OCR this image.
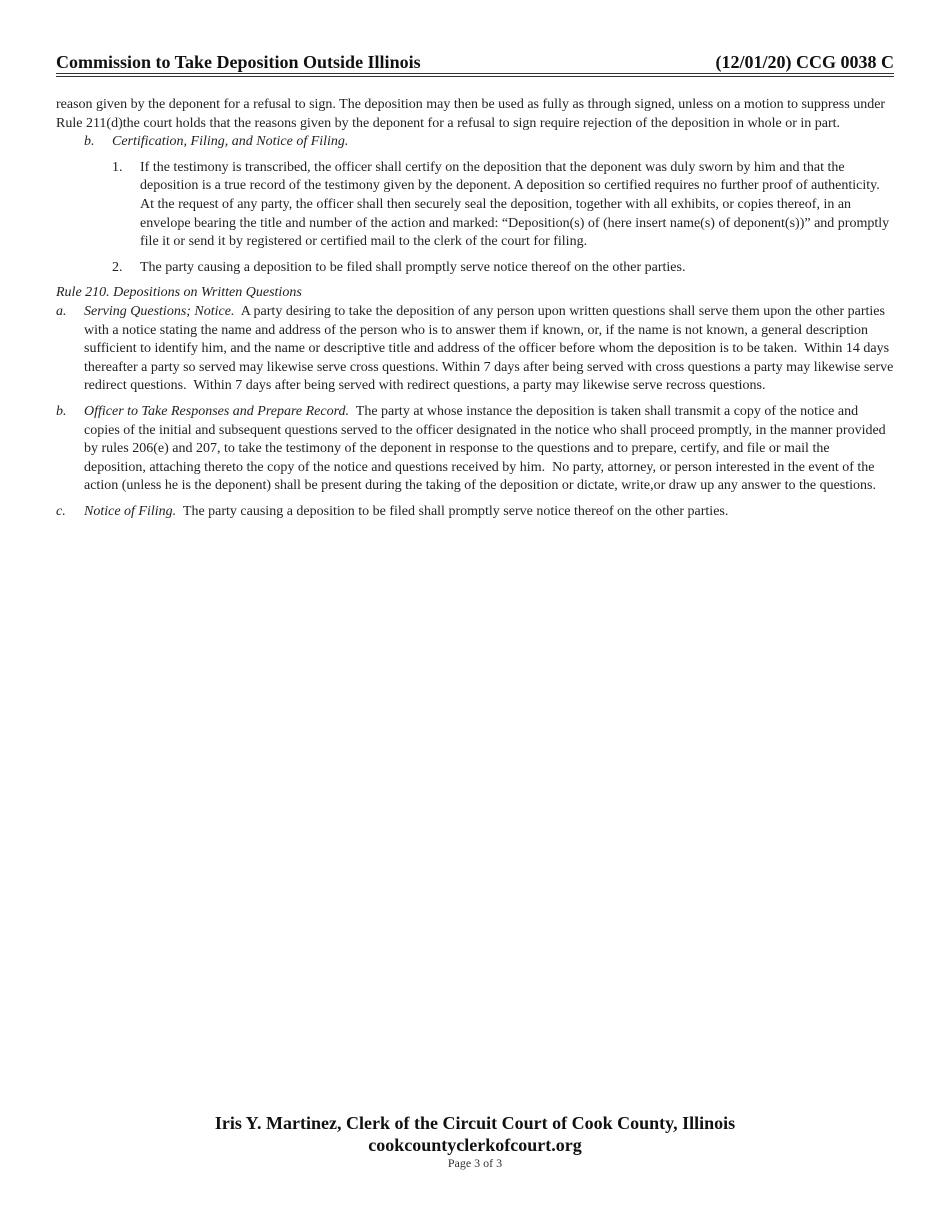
Commission to Take Deposition Outside Illinois	(12/01/20) CCG 0038 C

reason given by the deponent for a refusal to sign. The deposition may then be used as fully as through signed, unless on a motion to suppress under Rule 211(d)the court holds that the reasons given by the deponent for a refusal to sign require rejection of the deposition in whole or in part.

b.	Certification, Filing, and Notice of Filing.
1.	If the testimony is transcribed, the officer shall certify on the deposition that the deponent was duly sworn by him and that the deposition is a true record of the testimony given by the deponent. A deposition so certified requires no further proof of authenticity. At the request of any party, the officer shall then securely seal the deposition, together with all exhibits, or copies thereof, in an envelope bearing the title and number of the action and marked: “Deposition(s) of (here insert name(s) of deponent(s))” and promptly file it or send it by registered or certified mail to the clerk of the court for filing.
2.	The party causing a deposition to be filed shall promptly serve notice thereof on the other parties.

Rule 210. Depositions on Written Questions

a.	Serving Questions; Notice.  A party desiring to take the deposition of any person upon written questions shall serve them upon the other parties with a notice stating the name and address of the person who is to answer them if known, or, if the name is not known, a general description sufficient to identify him, and the name or descriptive title and address of the officer before whom the deposition is to be taken.  Within 14 days thereafter a party so served may likewise serve cross questions. Within 7 days after being served with cross questions a party may likewise serve redirect questions.  Within 7 days after being served with redirect questions, a party may likewise serve recross questions.
b.	Officer to Take Responses and Prepare Record.  The party at whose instance the deposition is taken shall transmit a copy of the notice and copies of the initial and subsequent questions served to the officer designated in the notice who shall proceed promptly, in the manner provided by rules 206(e) and 207, to take the testimony of the deponent in response to the questions and to prepare, certify, and file or mail the deposition, attaching thereto the copy of the notice and questions received by him.  No party, attorney, or person interested in the event of the action (unless he is the deponent) shall be present during the taking of the deposition or dictate, write,or draw up any answer to the questions.
c.	Notice of Filing.  The party causing a deposition to be filed shall promptly serve notice thereof on the other parties.
Iris Y. Martinez, Clerk of the Circuit Court of Cook County, Illinois
cookcountyclerkofcourt.org
Page 3 of 3
